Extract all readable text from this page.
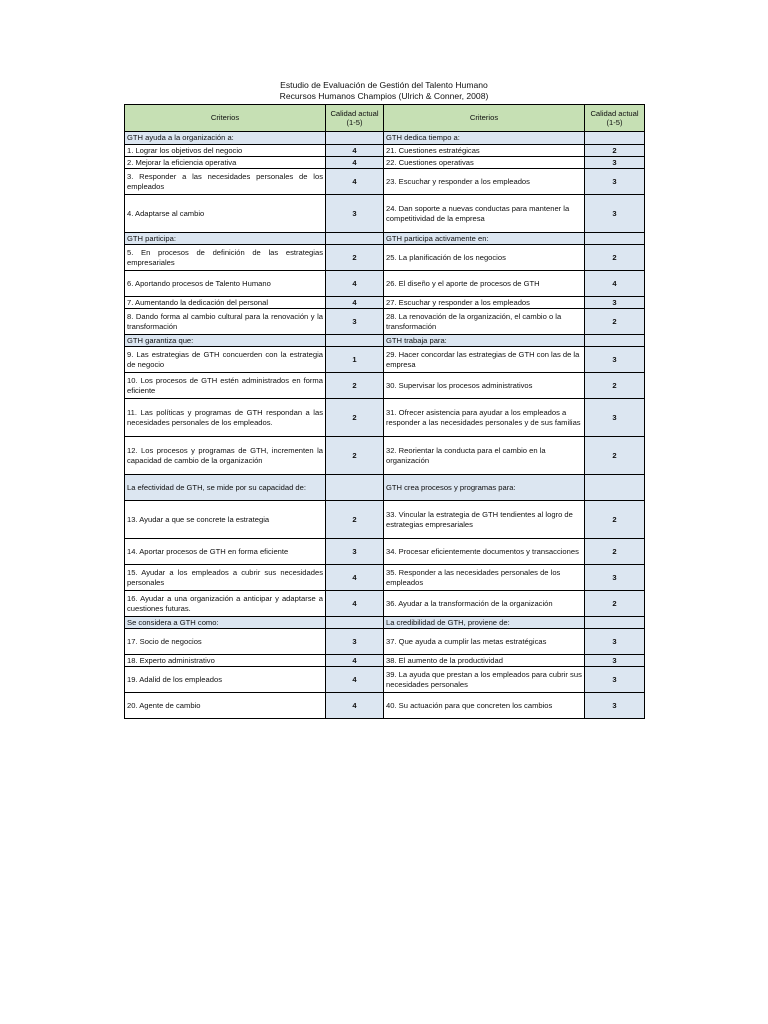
Estudio de Evaluación de Gestión del Talento Humano
Recursos Humanos Champios (Ulrich & Conner, 2008)
Criterios	Calidad actual (1-5)	Criterios	Calidad actual (1-5)
GTH ayuda a la organización a:		GTH dedica tiempo a:	
1. Lograr los objetivos del negocio	4	21. Cuestiones estratégicas	2
2. Mejorar la eficiencia operativa	4	22. Cuestiones operativas	3
3. Responder a las necesidades personales de los empleados	4	23. Escuchar y responder a los empleados	3
4. Adaptarse al cambio	3	24. Dan soporte a nuevas conductas para mantener la competitividad de la empresa	3
GTH participa:		GTH participa activamente en:	
5. En procesos de definición de las estrategias empresariales	2	25. La planificación de los negocios	2
6. Aportando procesos de Talento Humano	4	26. El diseño y el aporte de procesos de GTH	4
7. Aumentando la dedicación del personal	4	27. Escuchar y responder a los empleados	3
8. Dando forma al cambio cultural para la renovación y la transformación	3	28. La renovación de la organización, el cambio o la transformación	2
GTH garantiza que:		GTH trabaja para:	
9. Las estrategias de GTH concuerden con la estrategia de negocio	1	29. Hacer concordar las estrategias de GTH con las de la empresa	3
10. Los procesos de GTH estén administrados en forma eficiente	2	30. Supervisar los procesos administrativos	2
11. Las políticas y programas de GTH respondan a las necesidades personales de los empleados.	2	31. Ofrecer asistencia para ayudar a los empleados a responder a las necesidades personales y de sus familias	3
12. Los procesos y programas de GTH, incrementen la capacidad de cambio de la organización	2	32. Reorientar la conducta para el cambio en la organización	2
La efectividad de GTH, se mide por su capacidad de:		GTH crea procesos y programas para:	
13. Ayudar a que se concrete la estrategia	2	33. Vincular la estrategia de GTH tendientes al logro de estrategias empresariales	2
14. Aportar procesos de GTH en forma eficiente	3	34. Procesar eficientemente documentos y transacciones	2
15. Ayudar a los empleados a cubrir sus necesidades personales	4	35. Responder a las necesidades personales de los empleados	3
16. Ayudar a una organización a anticipar y adaptarse a cuestiones futuras.	4	36. Ayudar a la transformación de la organización	2
Se considera a GTH como:		La credibilidad de GTH, proviene de:	
17. Socio de negocios	3	37. Que ayuda a cumplir las metas estratégicas	3
18. Experto administrativo	4	38. El aumento de la productividad	3
19. Adalid de los empleados	4	39. La ayuda que prestan a los empleados para cubrir sus necesidades personales	3
20. Agente de cambio	4	40. Su actuación para que concreten los cambios	3
